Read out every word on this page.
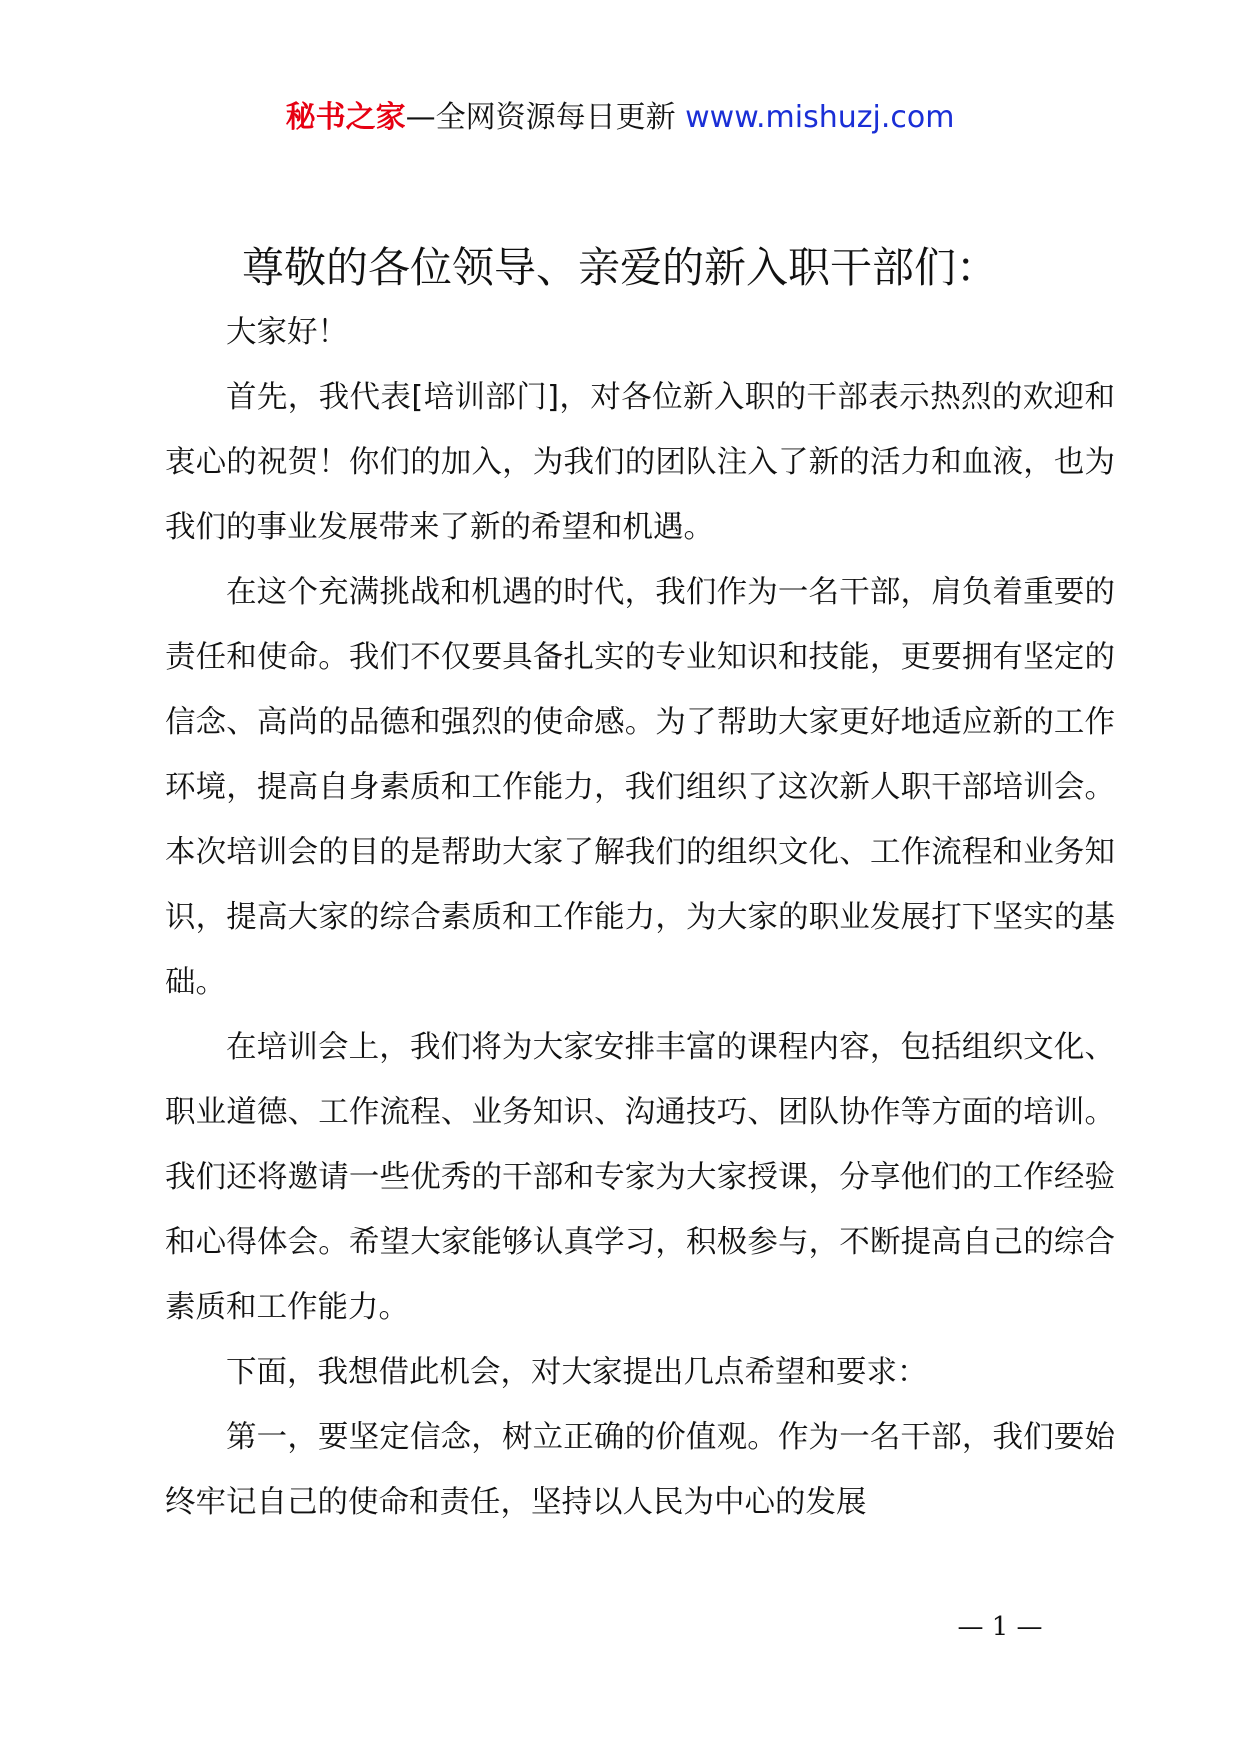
秘书之家—全网资源每日更新 www.mishuzj.com
尊敬的各位领导、亲爱的新入职干部们：

大家好！

首先，我代表[培训部门]，对各位新入职的干部表示热烈的欢迎和衷心的祝贺！你们的加入，为我们的团队注入了新的活力和血液，也为我们的事业发展带来了新的希望和机遇。

在这个充满挑战和机遇的时代，我们作为一名干部，肩负着重要的责任和使命。我们不仅要具备扎实的专业知识和技能，更要拥有坚定的信念、高尚的品德和强烈的使命感。为了帮助大家更好地适应新的工作环境，提高自身素质和工作能力，我们组织了这次新人职干部培训会。本次培训会的目的是帮助大家了解我们的组织文化、工作流程和业务知识，提高大家的综合素质和工作能力，为大家的职业发展打下坚实的基础。

在培训会上，我们将为大家安排丰富的课程内容，包括组织文化、职业道德、工作流程、业务知识、沟通技巧、团队协作等方面的培训。我们还将邀请一些优秀的干部和专家为大家授课，分享他们的工作经验和心得体会。希望大家能够认真学习，积极参与，不断提高自己的综合素质和工作能力。

下面，我想借此机会，对大家提出几点希望和要求：

第一，要坚定信念，树立正确的价值观。作为一名干部，我们要始终牢记自己的使命和责任，坚持以人民为中心的发展

— 1 —
